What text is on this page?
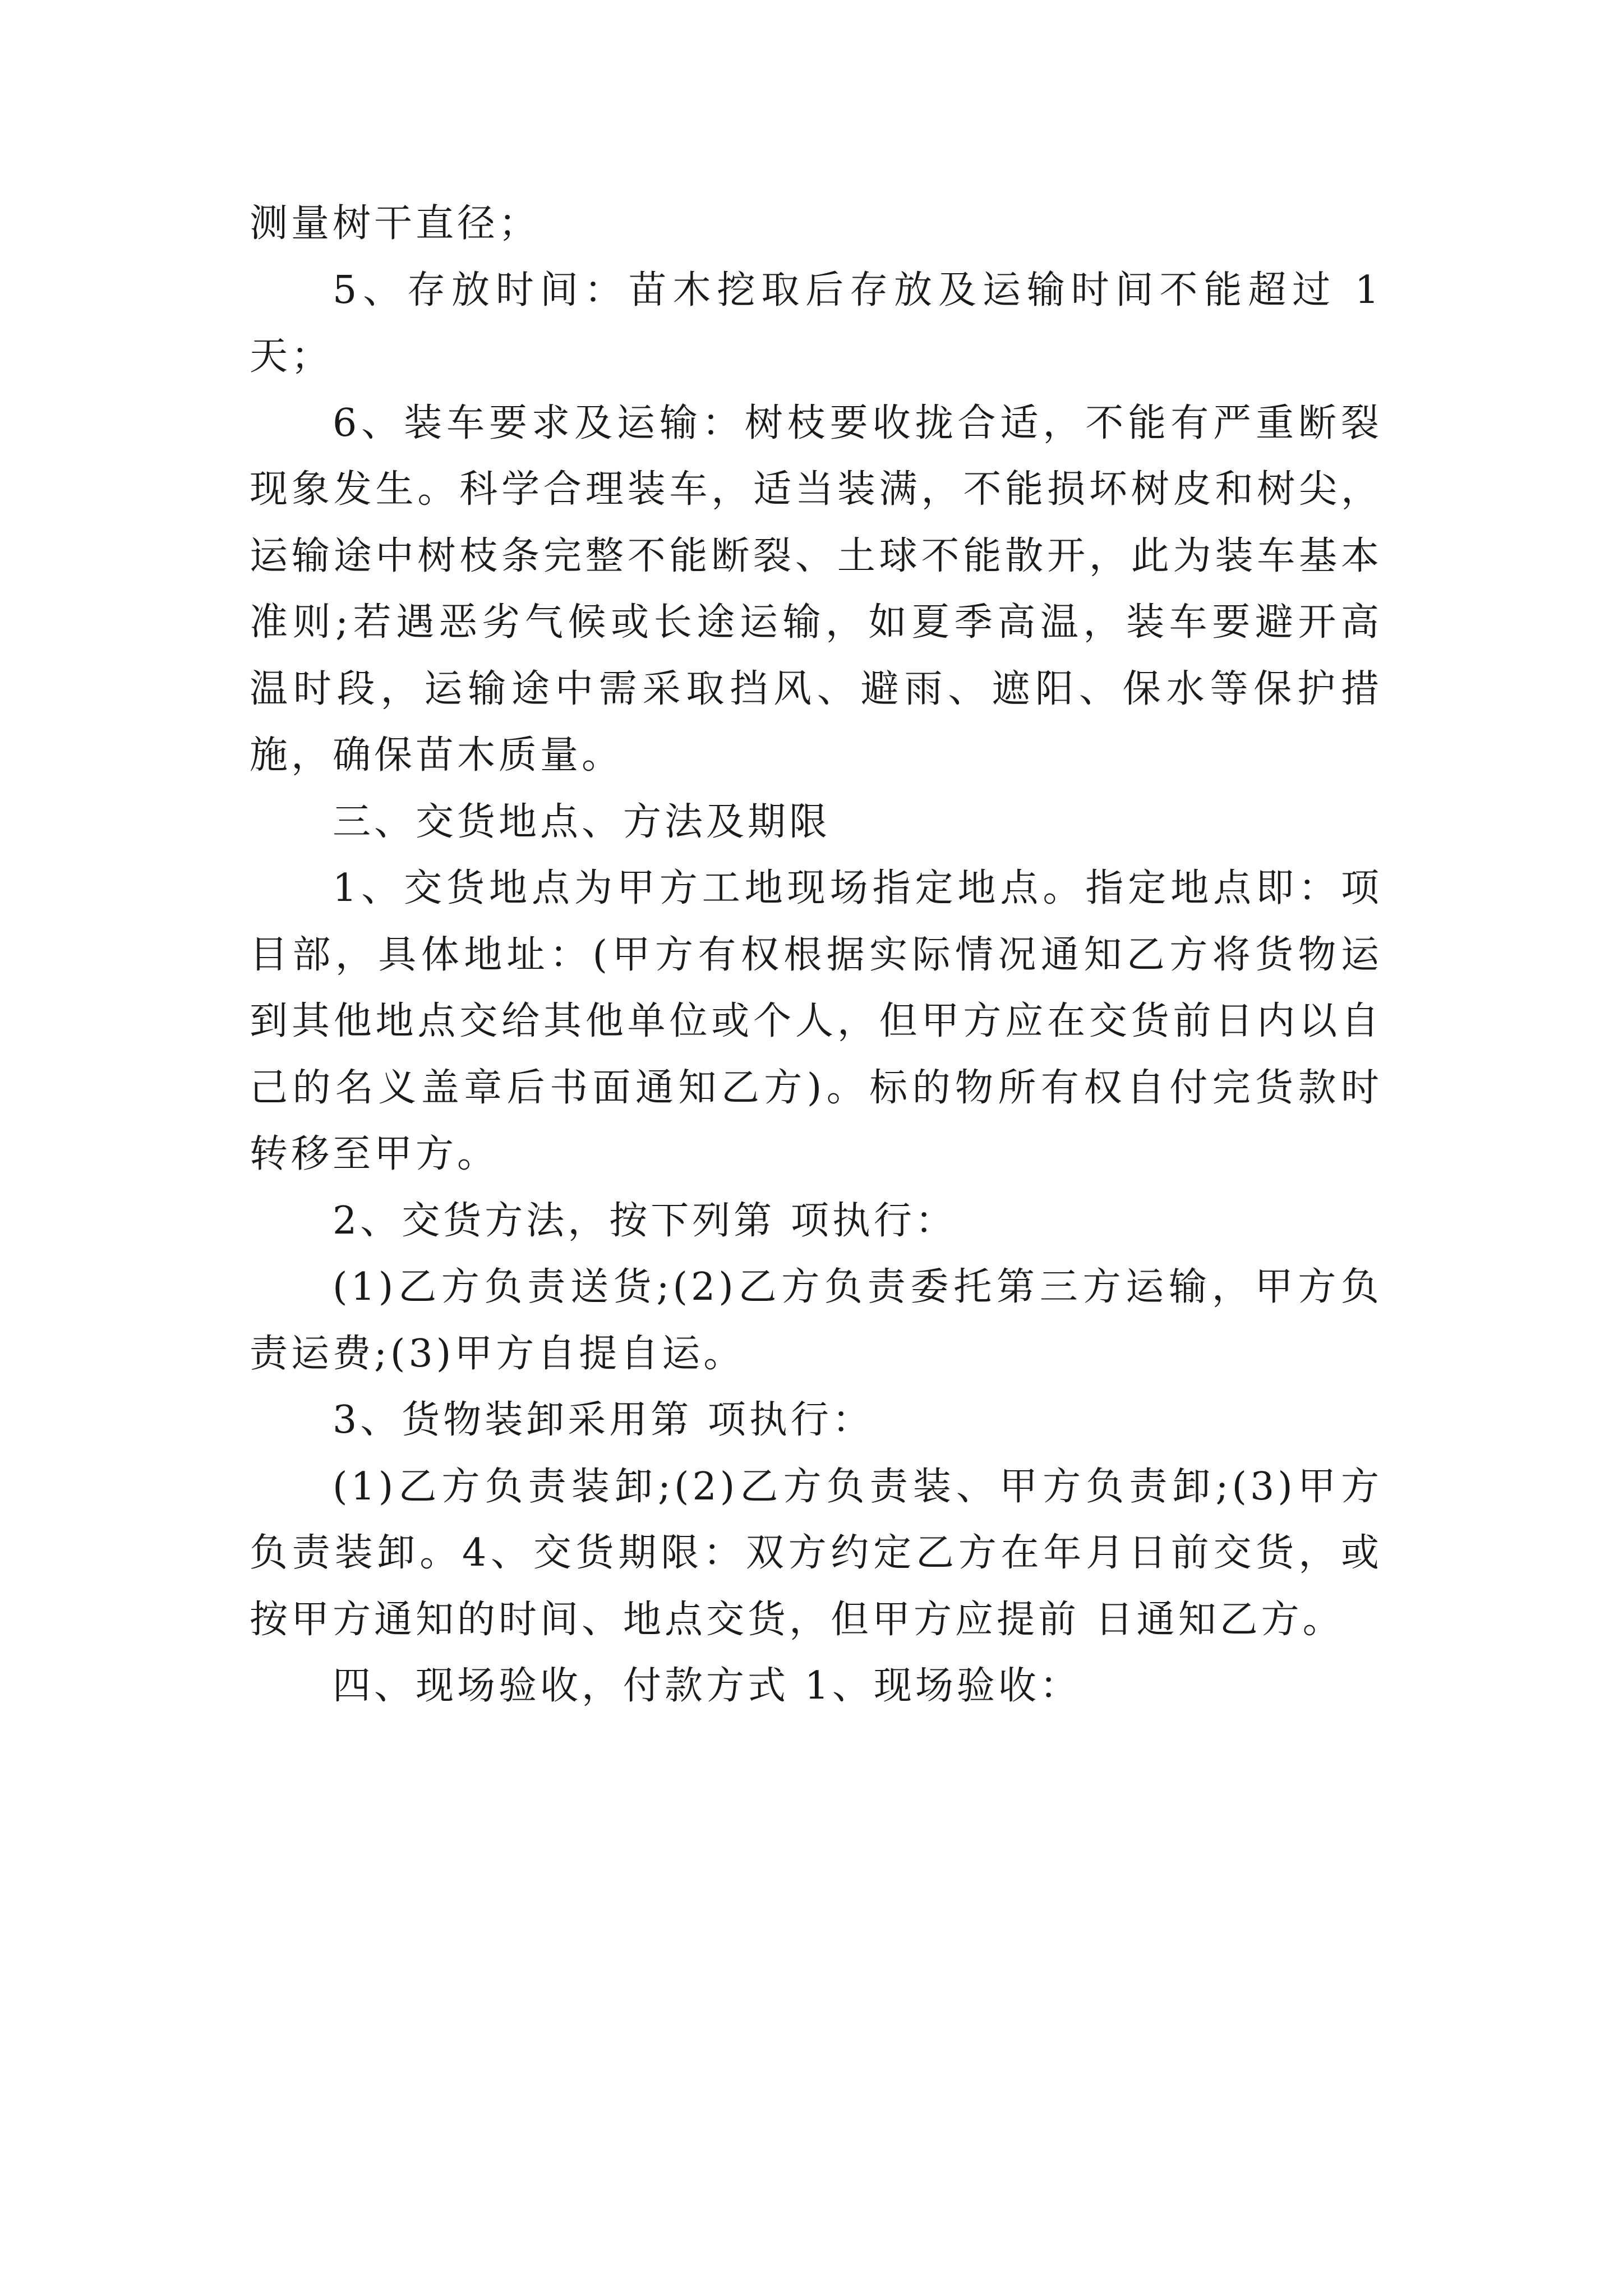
测量树干直径；

5、存放时间：苗木挖取后存放及运输时间不能超过 1 天；

6、装车要求及运输：树枝要收拢合适，不能有严重断裂现象发生。科学合理装车，适当装满，不能损坏树皮和树尖，运输途中树枝条完整不能断裂、土球不能散开，此为装车基本准则;若遇恶劣气候或长途运输，如夏季高温，装车要避开高温时段，运输途中需采取挡风、避雨、遮阳、保水等保护措施，确保苗木质量。

三、交货地点、方法及期限

1、交货地点为甲方工地现场指定地点。指定地点即：项目部，具体地址：(甲方有权根据实际情况通知乙方将货物运到其他地点交给其他单位或个人，但甲方应在交货前日内以自己的名义盖章后书面通知乙方)。标的物所有权自付完货款时转移至甲方。

2、交货方法，按下列第 项执行：

(1)乙方负责送货;(2)乙方负责委托第三方运输，甲方负责运费;(3)甲方自提自运。

3、货物装卸采用第 项执行：

(1)乙方负责装卸;(2)乙方负责装、甲方负责卸;(3)甲方负责装卸。4、交货期限：双方约定乙方在年月日前交货，或按甲方通知的时间、地点交货，但甲方应提前 日通知乙方。

四、现场验收，付款方式 1、现场验收：
